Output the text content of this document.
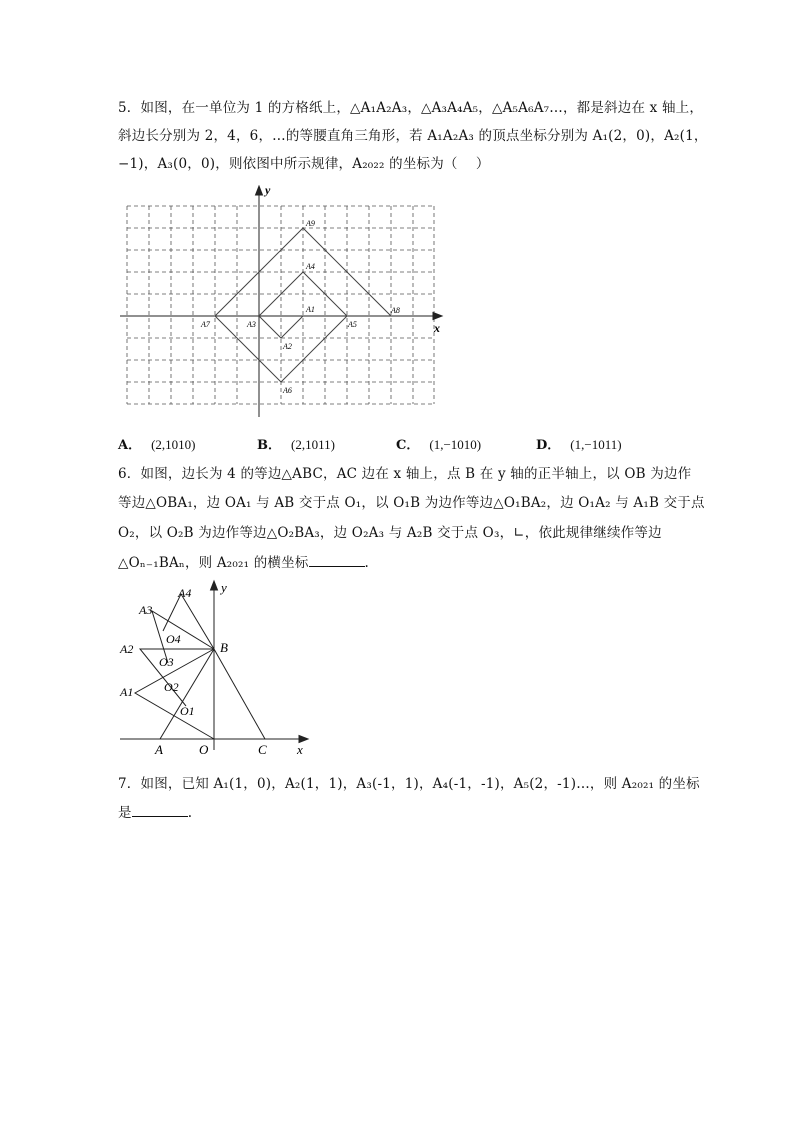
5．如图，在一单位为 1 的方格纸上，△A₁A₂A₃，△A₃A₄A₅，△A₅A₆A₇…，都是斜边在 x 轴上，
斜边长分别为 2，4，6，…的等腰直角三角形，若 A₁A₂A₃ 的顶点坐标分别为 A₁(2，0)，A₂(1，
−1)，A₃(0，0)，则依图中所示规律，A₂₀₂₂ 的坐标为（　 ）
x
y
A9
A4
A1	A8
A7	A3	A5
A2
A6
A． (2,1010)	B． (2,1011)	C． (1,−1010)	D． (1,−1011)
6．如图，边长为 4 的等边△ABC，AC 边在 x 轴上，点 B 在 y 轴的正半轴上，以 OB 为边作
等边△OBA₁，边 OA₁ 与 AB 交于点 O₁，以 O₁B 为边作等边△O₁BA₂，边 O₁A₂ 与 A₁B 交于点
O₂，以 O₂B 为边作等边△O₂BA₃，边 O₂A₃ 与 A₂B 交于点 O₃，∟，依此规律继续作等边
△Oₙ₋₁BAₙ，则 A₂₀₂₁ 的横坐标	.
A4
A3
O4
A2
O3
B
A1	O2
O1
A	O	C x
y
7．如图，已知 A₁(1，0)，A₂(1，1)，A₃(-1，1)，A₄(-1，-1)，A₅(2，-1)…，则 A₂₀₂₁ 的坐标
是	.
